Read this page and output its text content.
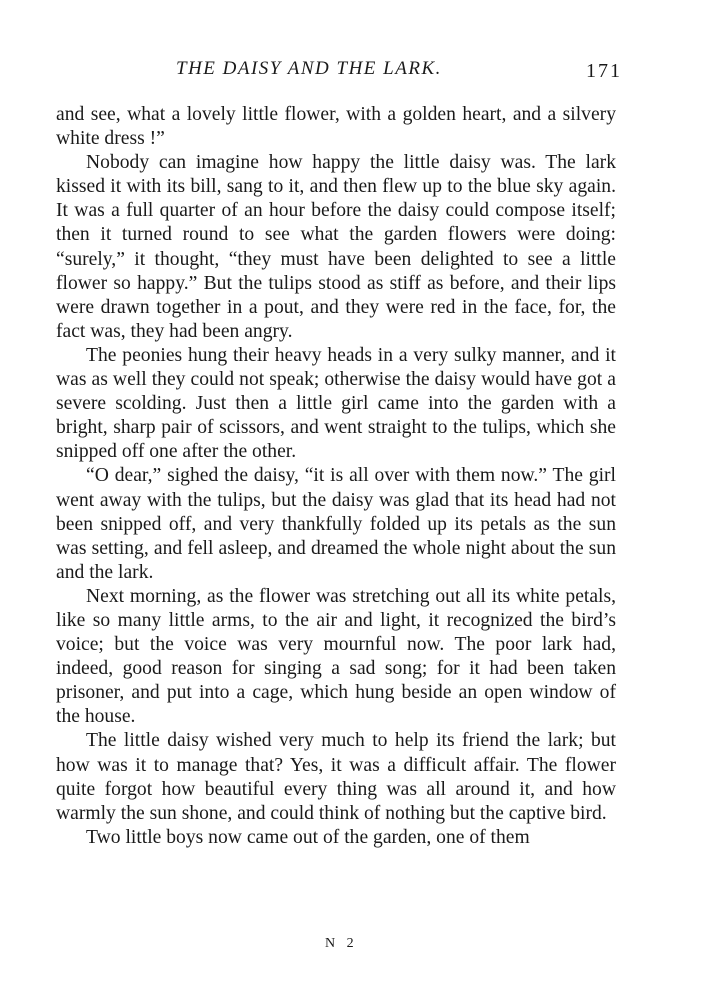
THE DAISY AND THE LARK.	171

and see, what a lovely little flower, with a golden heart, and a silvery white dress !”

Nobody can imagine how happy the little daisy was. The lark kissed it with its bill, sang to it, and then flew up to the blue sky again. It was a full quarter of an hour before the daisy could compose itself; then it turned round to see what the garden flowers were doing: “surely,” it thought, “they must have been delighted to see a little flower so happy.” But the tulips stood as stiff as before, and their lips were drawn together in a pout, and they were red in the face, for, the fact was, they had been angry.

The peonies hung their heavy heads in a very sulky manner, and it was as well they could not speak; otherwise the daisy would have got a severe scolding. Just then a little girl came into the garden with a bright, sharp pair of scissors, and went straight to the tulips, which she snipped off one after the other.

“O dear,” sighed the daisy, “it is all over with them now.” The girl went away with the tulips, but the daisy was glad that its head had not been snipped off, and very thankfully folded up its petals as the sun was setting, and fell asleep, and dreamed the whole night about the sun and the lark.

Next morning, as the flower was stretching out all its white petals, like so many little arms, to the air and light, it recognized the bird’s voice; but the voice was very mournful now. The poor lark had, indeed, good reason for singing a sad song; for it had been taken prisoner, and put into a cage, which hung beside an open window of the house.

The little daisy wished very much to help its friend the lark; but how was it to manage that? Yes, it was a difficult affair. The flower quite forgot how beautiful every thing was all around it, and how warmly the sun shone, and could think of nothing but the captive bird.

Two little boys now came out of the garden, one of them

N 2
